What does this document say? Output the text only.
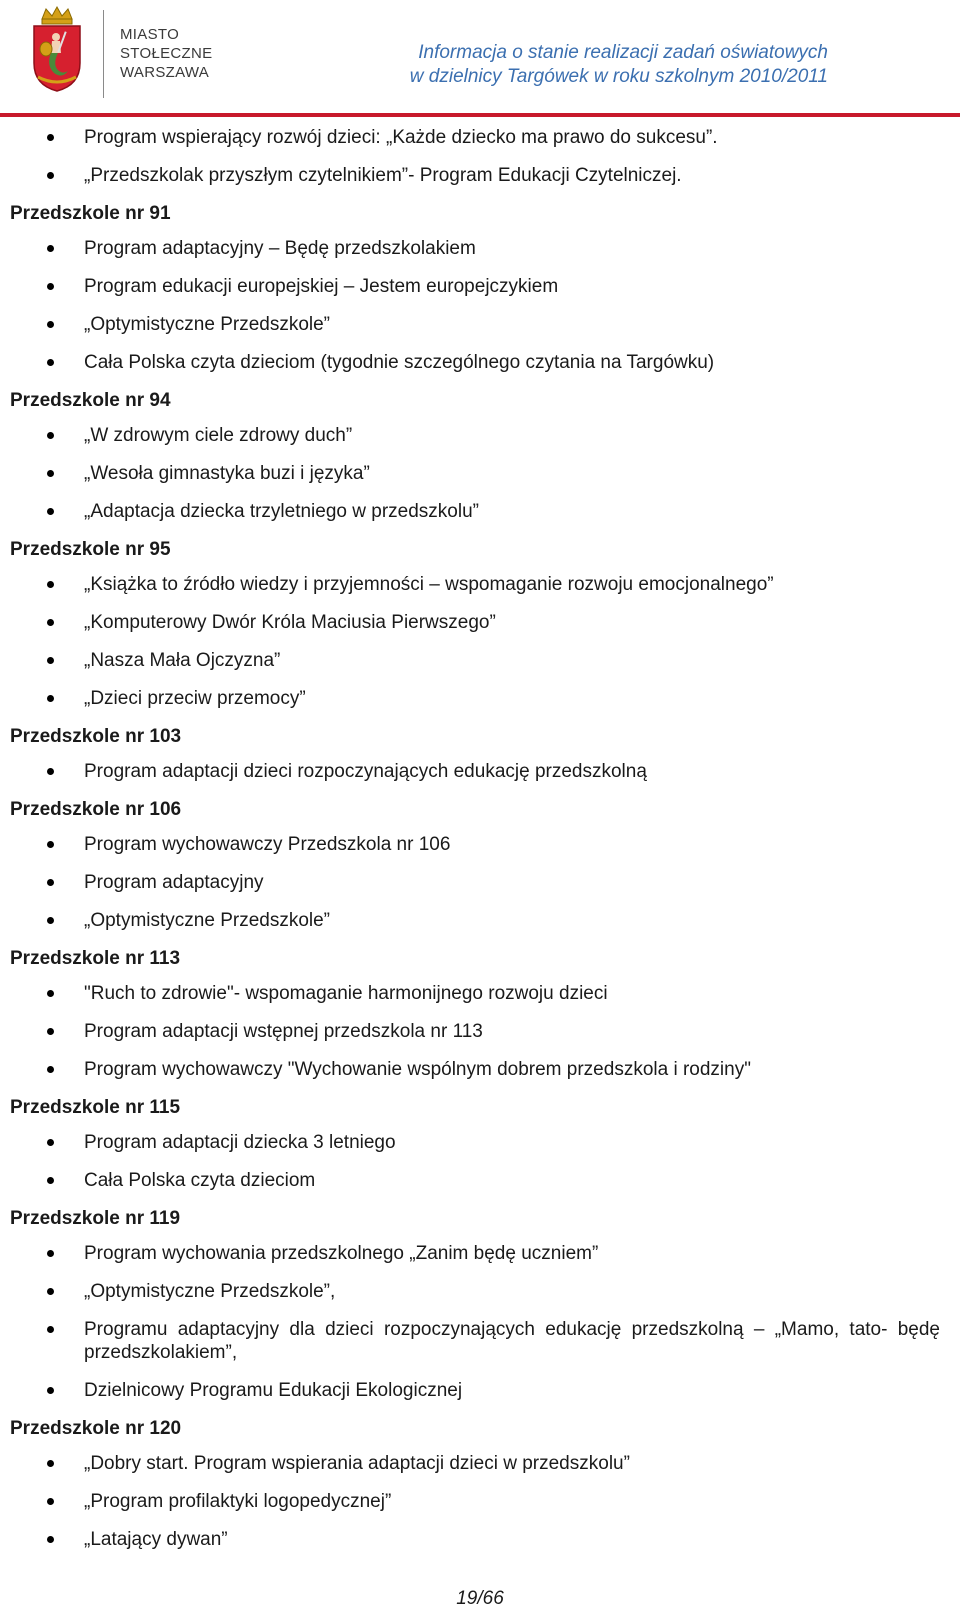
MIASTO
STOŁECZNE
WARSZAWA
Informacja o stanie realizacji zadań oświatowych
w dzielnicy Targówek w roku szkolnym 2010/2011
Program wspierający rozwój dzieci: „Każde dziecko ma prawo do sukcesu”.
„Przedszkolak przyszłym czytelnikiem”- Program Edukacji Czytelniczej.
Przedszkole nr 91
Program adaptacyjny – Będę przedszkolakiem
Program edukacji europejskiej – Jestem europejczykiem
„Optymistyczne Przedszkole”
Cała Polska czyta dzieciom (tygodnie szczególnego czytania na Targówku)
Przedszkole nr 94
„W zdrowym ciele zdrowy duch”
„Wesoła gimnastyka buzi i języka”
„Adaptacja dziecka trzyletniego w przedszkolu”
Przedszkole nr 95
„Książka to źródło wiedzy i przyjemności – wspomaganie rozwoju emocjonalnego”
„Komputerowy Dwór Króla Maciusia Pierwszego”
„Nasza Mała Ojczyzna”
„Dzieci przeciw przemocy”
Przedszkole nr 103
Program adaptacji dzieci rozpoczynających edukację przedszkolną
Przedszkole nr 106
Program wychowawczy Przedszkola nr 106
Program adaptacyjny
„Optymistyczne Przedszkole”
Przedszkole nr 113
"Ruch to zdrowie"- wspomaganie harmonijnego rozwoju dzieci
Program adaptacji wstępnej przedszkola nr 113
Program wychowawczy "Wychowanie wspólnym dobrem przedszkola i rodziny"
Przedszkole nr 115
Program adaptacji dziecka 3 letniego
Cała Polska czyta dzieciom
Przedszkole nr 119
Program wychowania przedszkolnego „Zanim będę uczniem”
„Optymistyczne Przedszkole”,
Programu adaptacyjny dla dzieci rozpoczynających edukację przedszkolną – „Mamo, tato- będę przedszkolakiem”,
Dzielnicowy Programu Edukacji Ekologicznej
Przedszkole nr 120
„Dobry start. Program wspierania adaptacji dzieci w przedszkolu”
„Program profilaktyki logopedycznej”
„Latający dywan”
19/66
